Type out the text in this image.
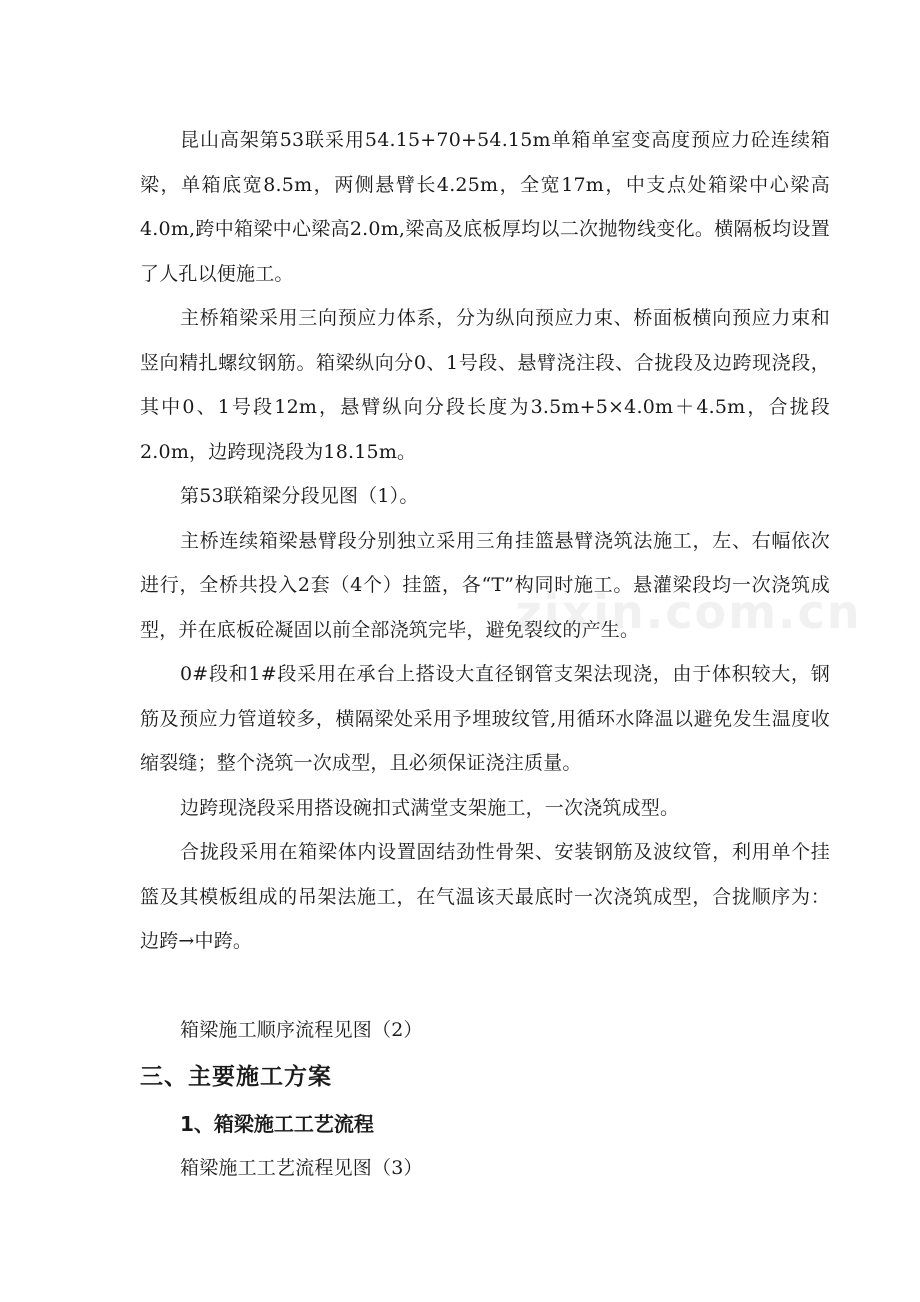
昆山高架第53联采用54.15+70+54.15m单箱单室变高度预应力砼连续箱梁，单箱底宽8.5m，两侧悬臂长4.25m，全宽17m，中支点处箱梁中心梁高4.0m,跨中箱梁中心梁高2.0m,梁高及底板厚均以二次抛物线变化。横隔板均设置了人孔以便施工。

主桥箱梁采用三向预应力体系，分为纵向预应力束、桥面板横向预应力束和竖向精扎螺纹钢筋。箱梁纵向分0、1号段、悬臂浇注段、合拢段及边跨现浇段，其中0、1号段12m，悬臂纵向分段长度为3.5m+5×4.0m＋4.5m，合拢段2.0m，边跨现浇段为18.15m。

第53联箱梁分段见图（1）。

主桥连续箱梁悬臂段分别独立采用三角挂篮悬臂浇筑法施工，左、右幅依次进行，全桥共投入2套（4个）挂篮，各“T”构同时施工。悬灌梁段均一次浇筑成型，并在底板砼凝固以前全部浇筑完毕，避免裂纹的产生。

0#段和1#段采用在承台上搭设大直径钢管支架法现浇，由于体积较大，钢筋及预应力管道较多，横隔梁处采用予埋玻纹管,用循环水降温以避免发生温度收缩裂缝；整个浇筑一次成型，且必须保证浇注质量。

边跨现浇段采用搭设碗扣式满堂支架施工，一次浇筑成型。

合拢段采用在箱梁体内设置固结劲性骨架、安装钢筋及波纹管，利用单个挂篮及其模板组成的吊架法施工，在气温该天最底时一次浇筑成型，合拢顺序为：边跨→中跨。

箱梁施工顺序流程见图（2）

三、主要施工方案
1、箱梁施工工艺流程

箱梁施工工艺流程见图（3）

zixin.com.cn
